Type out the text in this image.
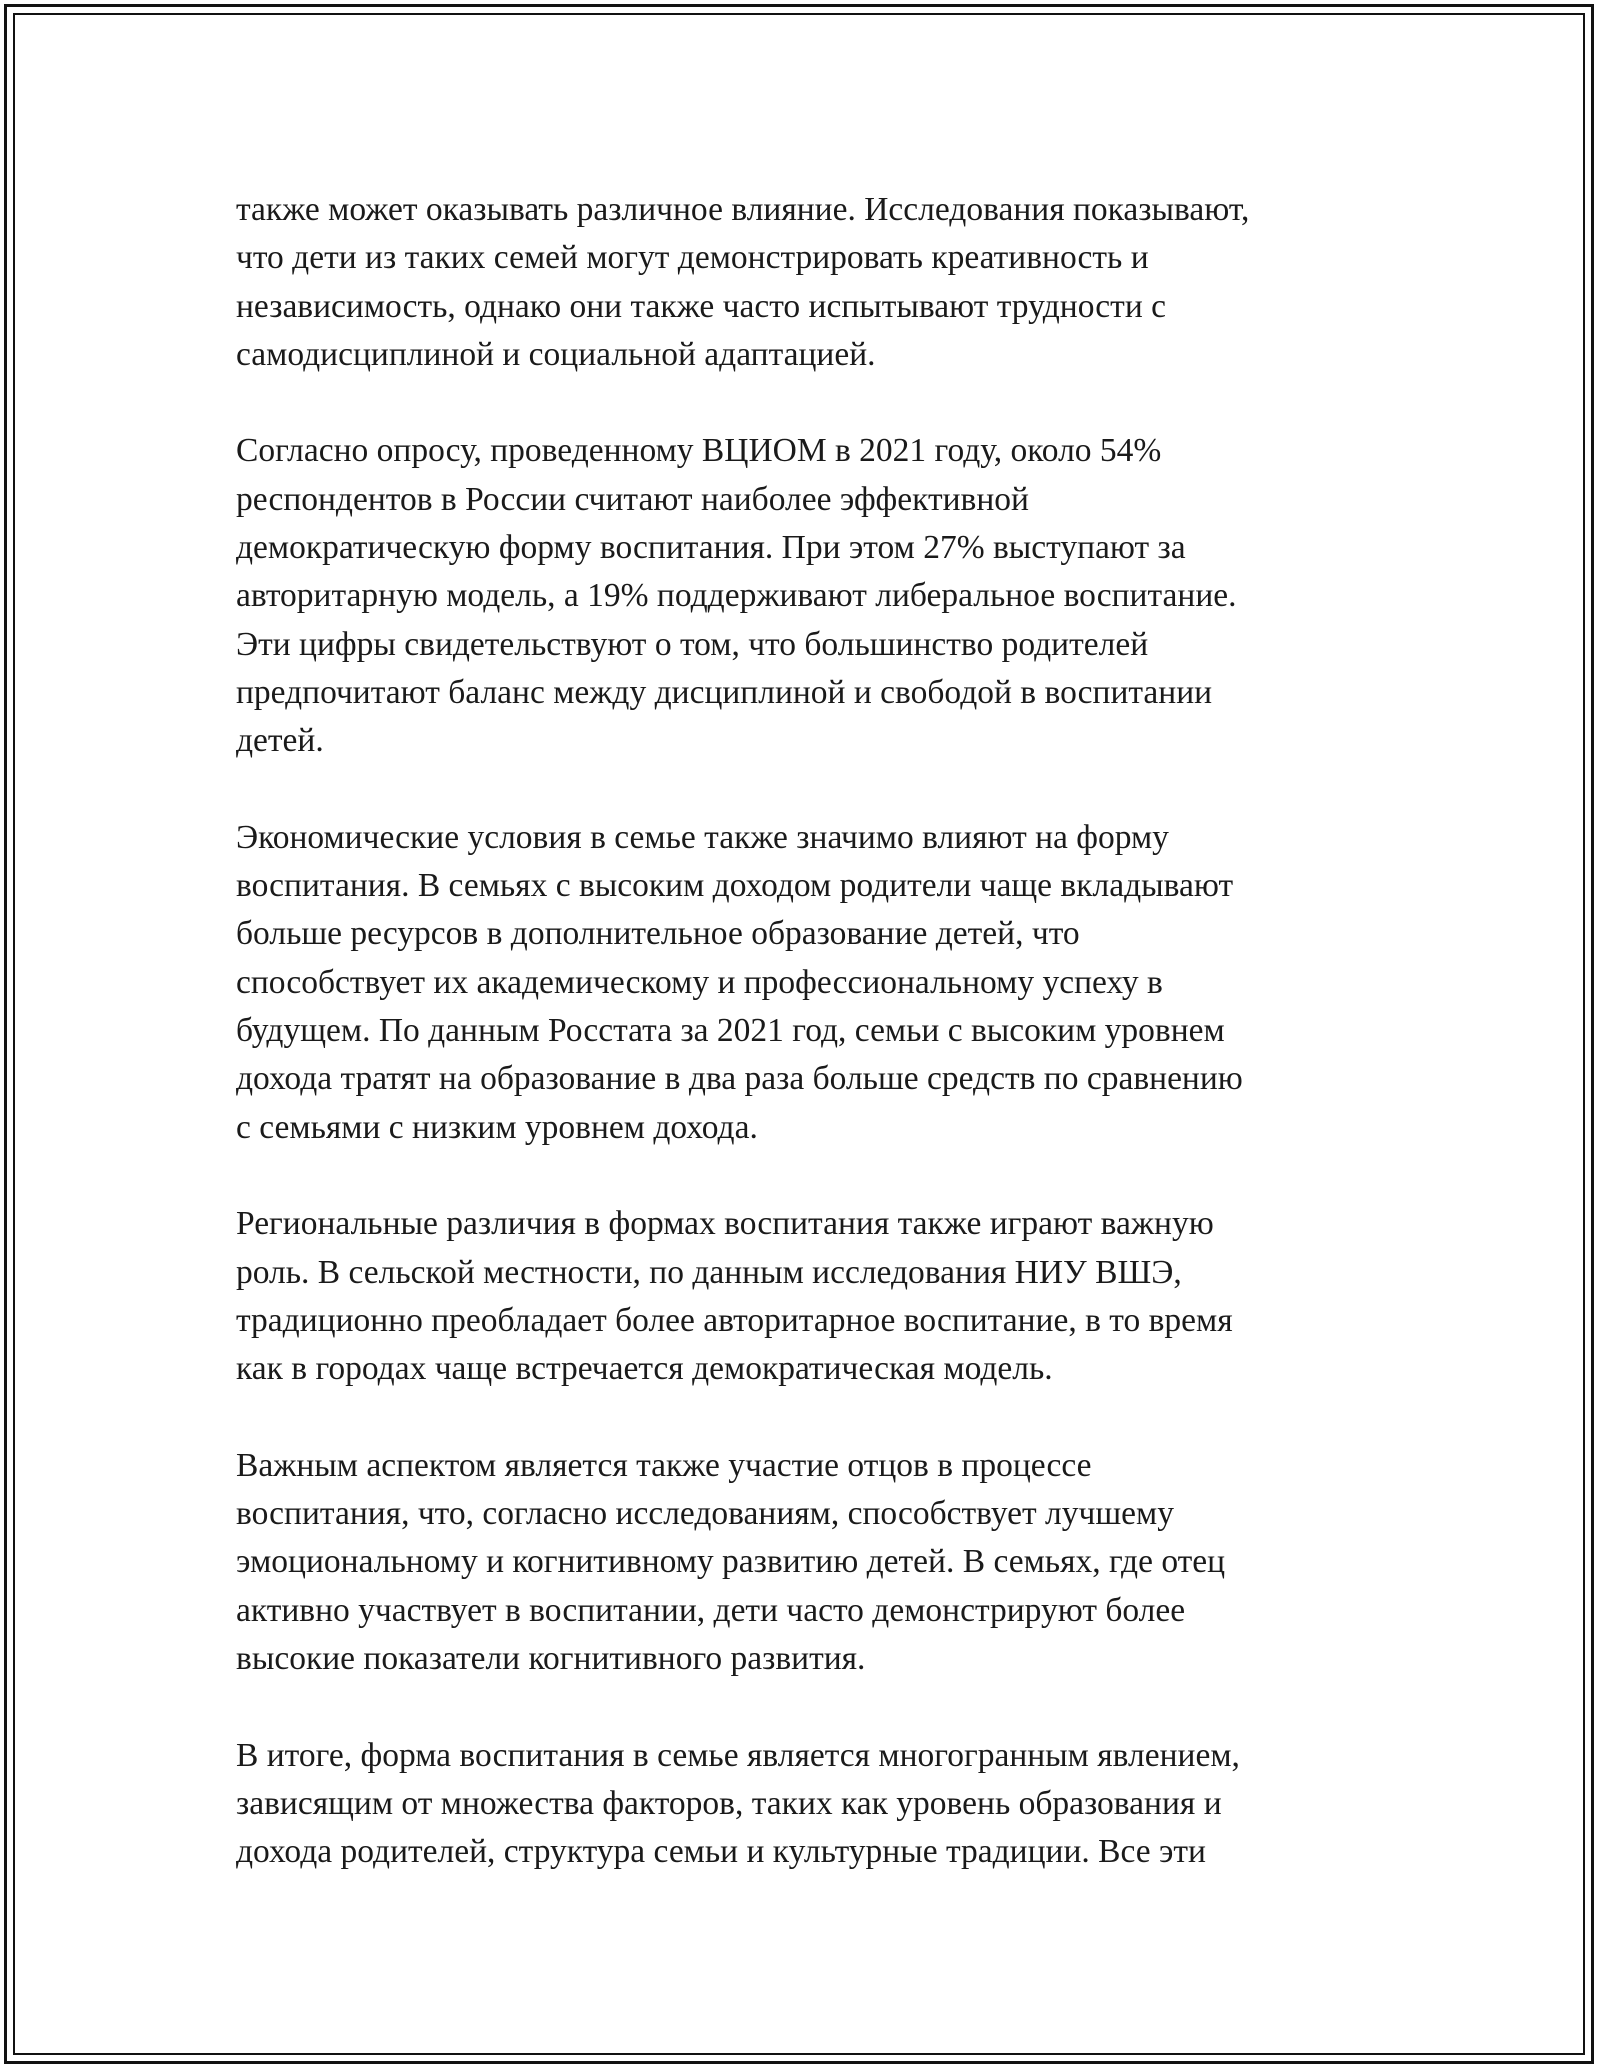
также может оказывать различное влияние. Исследования показывают,
что дети из таких семей могут демонстрировать креативность и
независимость, однако они также часто испытывают трудности с
самодисциплиной и социальной адаптацией.

Согласно опросу, проведенному ВЦИОМ в 2021 году, около 54%
респондентов в России считают наиболее эффективной
демократическую форму воспитания. При этом 27% выступают за
авторитарную модель, а 19% поддерживают либеральное воспитание.
Эти цифры свидетельствуют о том, что большинство родителей
предпочитают баланс между дисциплиной и свободой в воспитании
детей.

Экономические условия в семье также значимо влияют на форму
воспитания. В семьях с высоким доходом родители чаще вкладывают
больше ресурсов в дополнительное образование детей, что
способствует их академическому и профессиональному успеху в
будущем. По данным Росстата за 2021 год, семьи с высоким уровнем
дохода тратят на образование в два раза больше средств по сравнению
с семьями с низким уровнем дохода.

Региональные различия в формах воспитания также играют важную
роль. В сельской местности, по данным исследования НИУ ВШЭ,
традиционно преобладает более авторитарное воспитание, в то время
как в городах чаще встречается демократическая модель.

Важным аспектом является также участие отцов в процессе
воспитания, что, согласно исследованиям, способствует лучшему
эмоциональному и когнитивному развитию детей. В семьях, где отец
активно участвует в воспитании, дети часто демонстрируют более
высокие показатели когнитивного развития.

В итоге, форма воспитания в семье является многогранным явлением,
зависящим от множества факторов, таких как уровень образования и
дохода родителей, структура семьи и культурные традиции. Все эти
